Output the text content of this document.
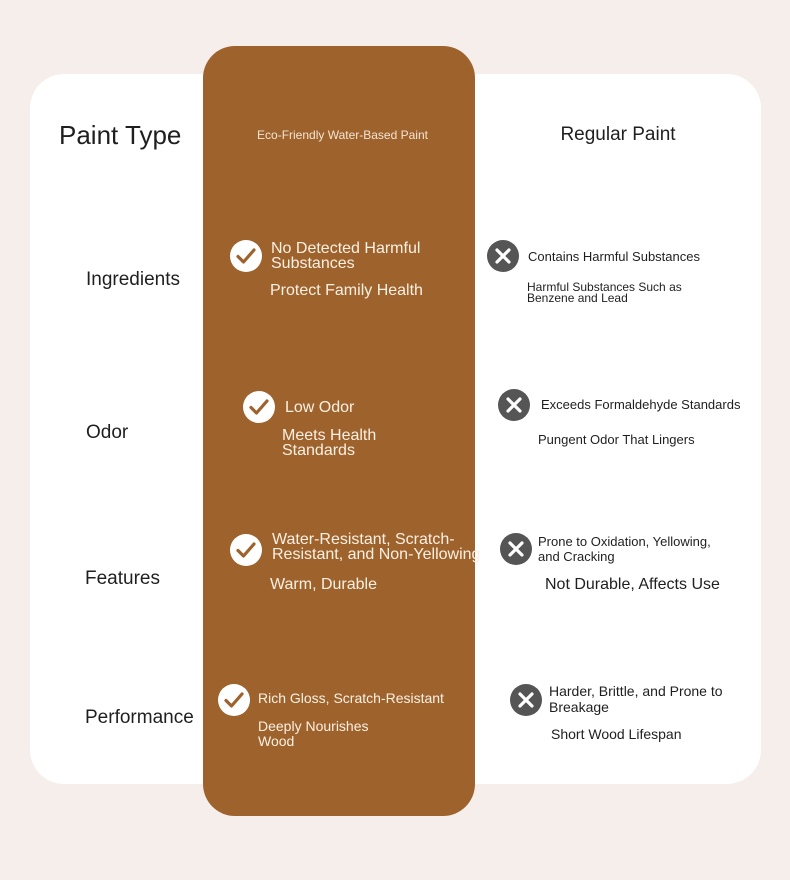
Paint Type	Eco-Friendly Water-Based Paint	Regular Paint
Ingredients
No Detected Harmful Substances
Protect Family Health
Contains Harmful Substances
Harmful Substances Such as Benzene and Lead
Odor
Low Odor
Meets Health Standards
Exceeds Formaldehyde Standards
Pungent Odor That Lingers
Features
Water-Resistant, Scratch-Resistant, and Non-Yellowing
Warm, Durable
Prone to Oxidation, Yellowing, and Cracking
Not Durable, Affects Use
Performance
Rich Gloss, Scratch-Resistant
Deeply Nourishes Wood
Harder, Brittle, and Prone to Breakage
Short Wood Lifespan
